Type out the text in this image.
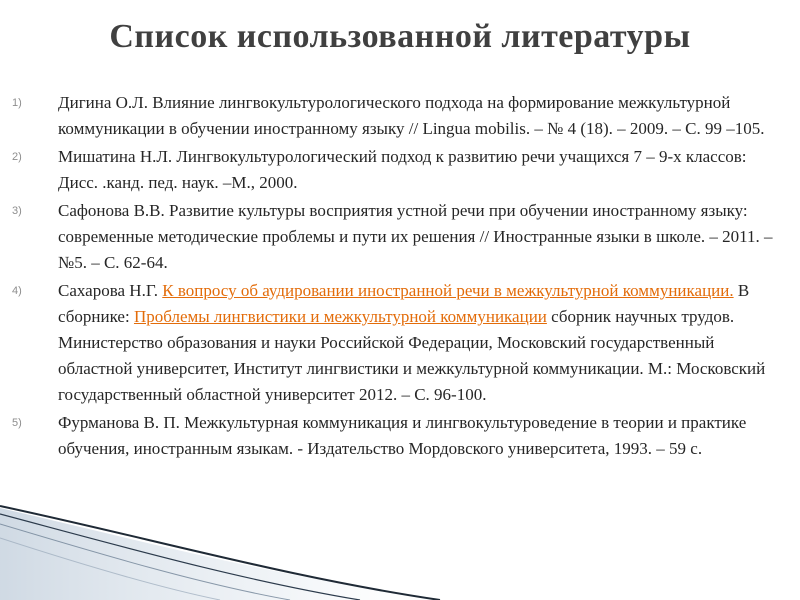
Список использованной литературы
1) Дигина О.Л. Влияние лингвокультурологического подхода на формирование межкультурной коммуникации в обучении иностранному языку // Lingua mobilis. – № 4 (18). – 2009. – С. 99 –105.
2) Мишатина Н.Л. Лингвокультурологический подход к развитию речи учащихся 7 – 9-х классов: Дисс. .канд. пед. наук. –М., 2000.
3) Сафонова В.В. Развитие культуры восприятия устной речи при обучении иностранному языку: современные методические проблемы и пути их решения // Иностранные языки в школе. – 2011. – №5. – С. 62-64.
4) Сахарова Н.Г. К вопросу об аудировании иностранной речи в межкультурной коммуникации. В сборнике: Проблемы лингвистики и межкультурной коммуникации сборник научных трудов. Министерство образования и науки Российской Федерации, Московский государственный областной университет, Институт лингвистики и межкультурной коммуникации. М.: Московский государственный областной университет 2012. – С. 96-100.
5) Фурманова В. П. Межкультурная коммуникация и лингвокультуроведение в теории и практике обучения, иностранным языкам. - Издательство Мордовского университета, 1993. – 59 с.
